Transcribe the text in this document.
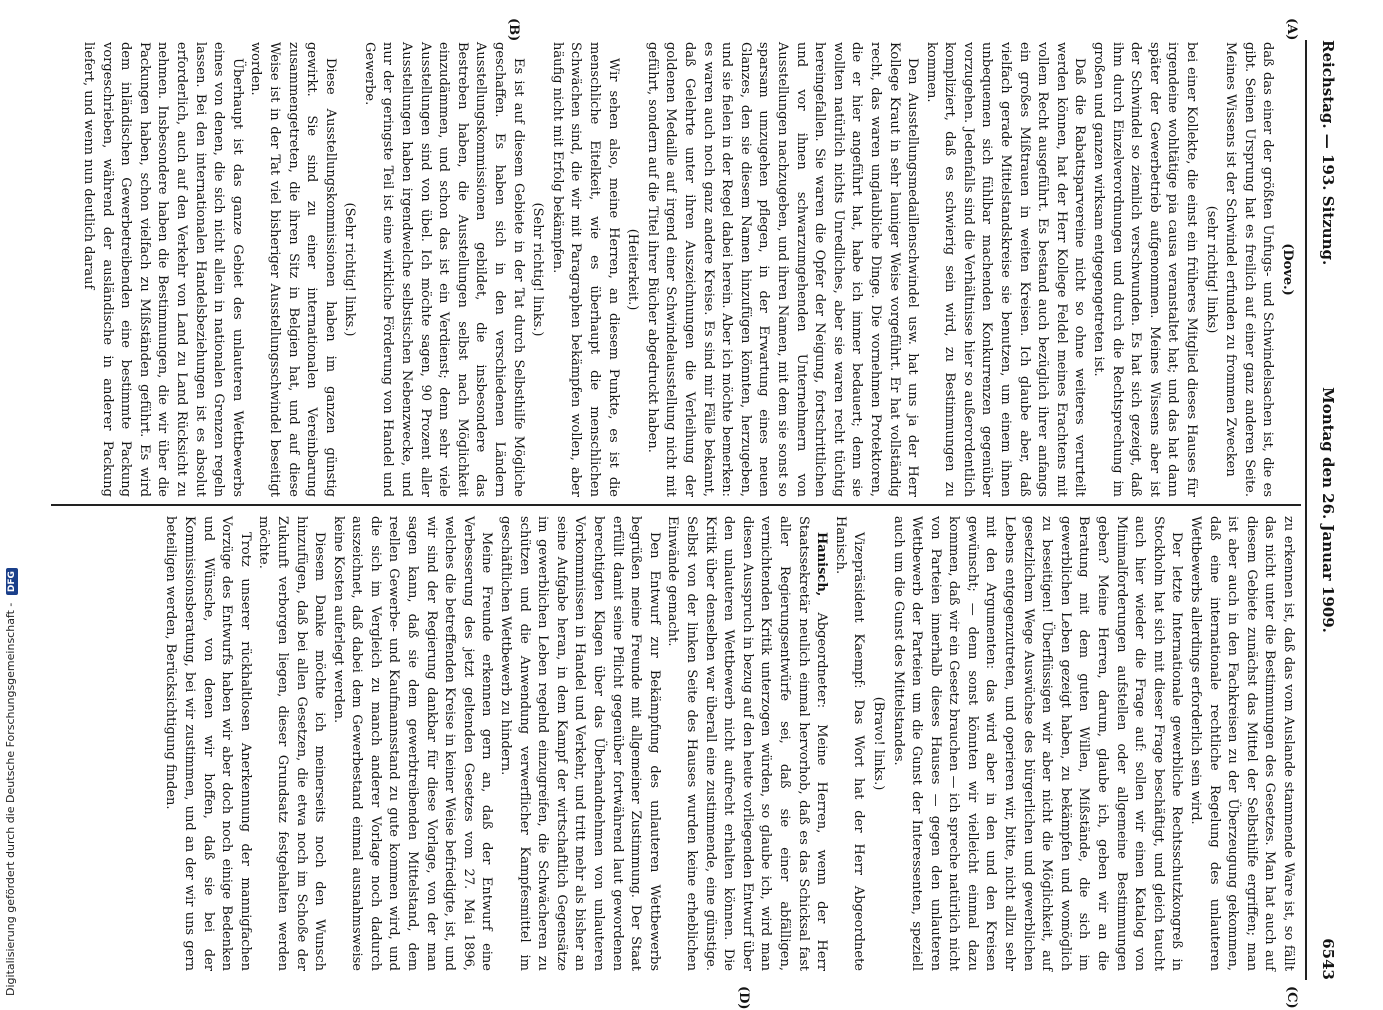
Reichstag. — 193. Sitzung.
Montag den 26. Januar 1909.
6543
(A)
(B)
(C)
(D)

(Dove.)

daß das einer der größten Unfugs- und Schwindelsachen ist, die es gibt. Seinen Ursprung hat es freilich auf einer ganz anderen Seite. Meines Wissens ist der Schwindel erfunden zu frommen Zwecken

(sehr richtig! links)

bei einer Kollekte, die einst ein früheres Mitglied dieses Hauses für irgendeine wohltätige pia causa veranstaltet hat; und das hat dann später der Gewerbetrieb aufgenommen. Meines Wissens aber ist der Schwindel so ziemlich verschwunden. Es hat sich gezeigt, daß ihm durch Einzelverordnungen und durch die Rechtsprechung im großen und ganzen wirksam entgegengetreten ist.

Daß die Rabattsparvereine nicht so ohne weiteres verurteilt werden können, hat der Herr Kollege Feldel meines Erachtens mit vollem Recht ausgeführt. Es bestand auch bezüglich ihrer anfangs ein großes Mißtrauen in weiten Kreisen. Ich glaube aber, daß vielfach gerade Mittelstandskreise sie benutzen, um einem ihnen unbequemen sich fühlbar machenden Konkurrenzen gegenüber vorzugehen. Jedenfalls sind die Verhältnisse hier so außerordentlich kompliziert, daß es schwierig sein wird, zu Bestimmungen zu kommen.

Den Ausstellungsmedaillenschwindel usw. hat uns ja der Herr Kollege Kraut in sehr launiger Weise vorgeführt. Er hat vollständig recht, das waren unglaubliche Dinge. Die vornehmen Protektoren, die er hier angeführt hat, habe ich immer bedauert; denn sie wollten natürlich nichts Unredliches, aber sie waren recht tüchtig hereingefallen. Sie waren die Opfer der Neigung, fortschrittlichen und vor ihnen schwarzumgehenden Unternehmern von Ausstellungen nachzugeben, und ihren Namen, mit dem sie sonst so sparsam umzugehen pflegen, in der Erwartung eines neuen Glanzes, den sie diesem Namen hinzufügen könnten, herzugeben, und sie fielen in der Regel dabei herein. Aber ich möchte bemerken: es waren auch noch ganz andere Kreise. Es sind mir Fälle bekannt, daß Gelehrte unter ihren Auszeichnungen die Verleihung der goldenen Medaille auf irgend einer Schwindelausstellung nicht mit geführt, sondern auf die Titel ihrer Bücher abgedruckt haben.

(Heiterkeit.)

Wir sehen also, meine Herren, an diesem Punkte, es ist die menschliche Eitelkeit, wie es überhaupt die menschlichen Schwächen sind, die wir mit Paragraphen bekämpfen wollen, aber häufig nicht mit Erfolg bekämpfen.

(Sehr richtig! links.)

Es ist auf diesem Gebiete in der Tat durch Selbsthilfe Mögliche geschaffen. Es haben sich in den verschiedenen Ländern Ausstellungskommissionen gebildet, die insbesondere das Bestreben haben, die Ausstellungen selbst nach Möglichkeit einzudämmen, und schon das ist ein Verdienst; denn sehr viele Ausstellungen sind von übel. Ich möchte sagen, 90 Prozent aller Ausstellungen haben irgendwelche selbstischen Nebenzwecke, und nur der geringste Teil ist eine wirkliche Förderung von Handel und Gewerbe.

(Sehr richtig! links.)

Diese Ausstellungskommissionen haben im ganzen günstig gewirkt. Sie sind zu einer internationalen Vereinbarung zusammengetreten, die ihren Sitz in Belgien hat, und auf diese Weise ist in der Tat viel bisheriger Ausstellungsschwindel beseitigt worden.

Überhaupt ist das ganze Gebiet des unlauteren Wettbewerbs eines von denen, die sich nicht allein in nationalen Grenzen regeln lassen. Bei den internationalen Handelsbeziehungen ist es absolut erforderlich, auch auf den Verkehr von Land zu Land Rücksicht zu nehmen. Insbesondere haben die Bestimmungen, die wir über die Packungen haben, schon vielfach zu Mißständen geführt. Es wird dem inländischen Gewerbetreibenden eine bestimmte Packung vorgeschrieben, während der ausländische in anderer Packung liefert, und wenn nun deutlich darauf

zu erkennen ist, daß das vom Auslande stammende Ware ist, so fällt das nicht unter die Bestimmungen des Gesetzes. Man hat auch auf diesem Gebiete zunächst das Mittel der Selbsthilfe ergriffen; man ist aber auch in den Fachkreisen zu der Überzeugung gekommen, daß eine internationale rechtliche Regelung des unlauteren Wettbewerbs allerdings erforderlich sein wird.

Der letzte Internationale gewerbliche Rechtsschutzkongreß in Stockholm hat sich mit dieser Frage beschäftigt, und gleich taucht auch hier wieder die Frage auf: sollen wir einen Katalog von Minimalforderungen aufstellen oder allgemeine Bestimmungen geben? Meine Herren, darum, glaube ich, geben wir an die Beratung mit dem guten Willen, Mißstände, die sich im gewerblichen Leben gezeigt haben, zu bekämpfen und womöglich zu beseitigen! Überflüssigen wir aber nicht die Möglichkeit, auf gesetzlichem Wege Auswüchse des bürgerlichen und gewerblichen Lebens entgegenzutreten, und operieren wir, bitte, nicht allzu sehr mit den Argumenten: das wird aber in den und den Kreisen gewünscht; — denn sonst könnten wir vielleicht einmal dazu kommen, daß wir ein Gesetz brauchen — ich spreche natürlich nicht von Parteien innerhalb dieses Hauses — gegen den unlauteren Wettbewerb der Parteien um die Gunst der Interessenten, speziell auch um die Gunst des Mittelstandes.

(Bravo! links.)

Vizepräsident Kaempf: Das Wort hat der Herr Abgeordnete Hanisch.

Hanisch, Abgeordneter: Meine Herren, wenn der Herr Staatssekretär neulich einmal hervorhob, daß es das Schicksal fast aller Regierungsentwürfe sei, daß sie einer abfälligen, vernichtenden Kritik unterzogen würden, so glaube ich, wird man diesen Ausspruch in bezug auf den heute vorliegenden Entwurf über den unlauteren Wettbewerb nicht aufrecht erhalten können. Die Kritik über denselben war überall eine zustimmende, eine günstige. Selbst von der linken Seite des Hauses wurden keine erheblichen Einwände gemacht.

Den Entwurf zur Bekämpfung des unlauteren Wettbewerbs begrüßen meine Freunde mit allgemeiner Zustimmung. Der Staat erfüllt damit seine Pflicht gegenüber fortwährend laut gewordenen berechtigten Klagen über das Überhandnehmen von unlauteren Vorkommnissen in Handel und Verkehr, und tritt mehr als bisher an seine Aufgabe heran, in dem Kampf der wirtschaftlich Gegensätze im gewerblichen Leben regelnd einzugreifen, die Schwächeren zu schützen und die Anwendung verwerflicher Kampfesmittel im geschäftlichen Wettbewerb zu hindern.

Meine Freunde erkennen gern an, daß der Entwurf eine Verbesserung des jetzt geltenden Gesetzes vom 27. Mai 1896, welches die betreffenden Kreise in keiner Weise befriedigte, ist, und wir sind der Regierung dankbar für diese Vorlage, von der man sagen kann, daß sie dem gewerbtreibenden Mittelstand, dem reellen Gewerbe- und Kaufmannsstand zu gute kommen wird, und die sich im Vergleich zu manch anderer Vorlage noch dadurch auszeichnet, daß dabei dem Gewerbestand einmal ausnahmsweise keine Kosten auferlegt werden.

Diesem Danke möchte ich meinerseits noch den Wunsch hinzufügen, daß bei allen Gesetzen, die etwa noch im Schoße der Zukunft verborgen liegen, dieser Grundsatz festgehalten werden möchte.

Trotz unserer rückhaltlosen Anerkennung der mannigfachen Vorzüge des Entwurfs haben wir aber doch noch einige Bedenken und Wünsche, von denen wir hoffen, daß sie bei der Kommissionsberatung, bei wir zustimmen, und an der wir uns gern beteiligen werden, Berücksichtigung finden.

Digitalisierung gefördert durch die Deutsche Forschungsgemeinschaft - DFG
